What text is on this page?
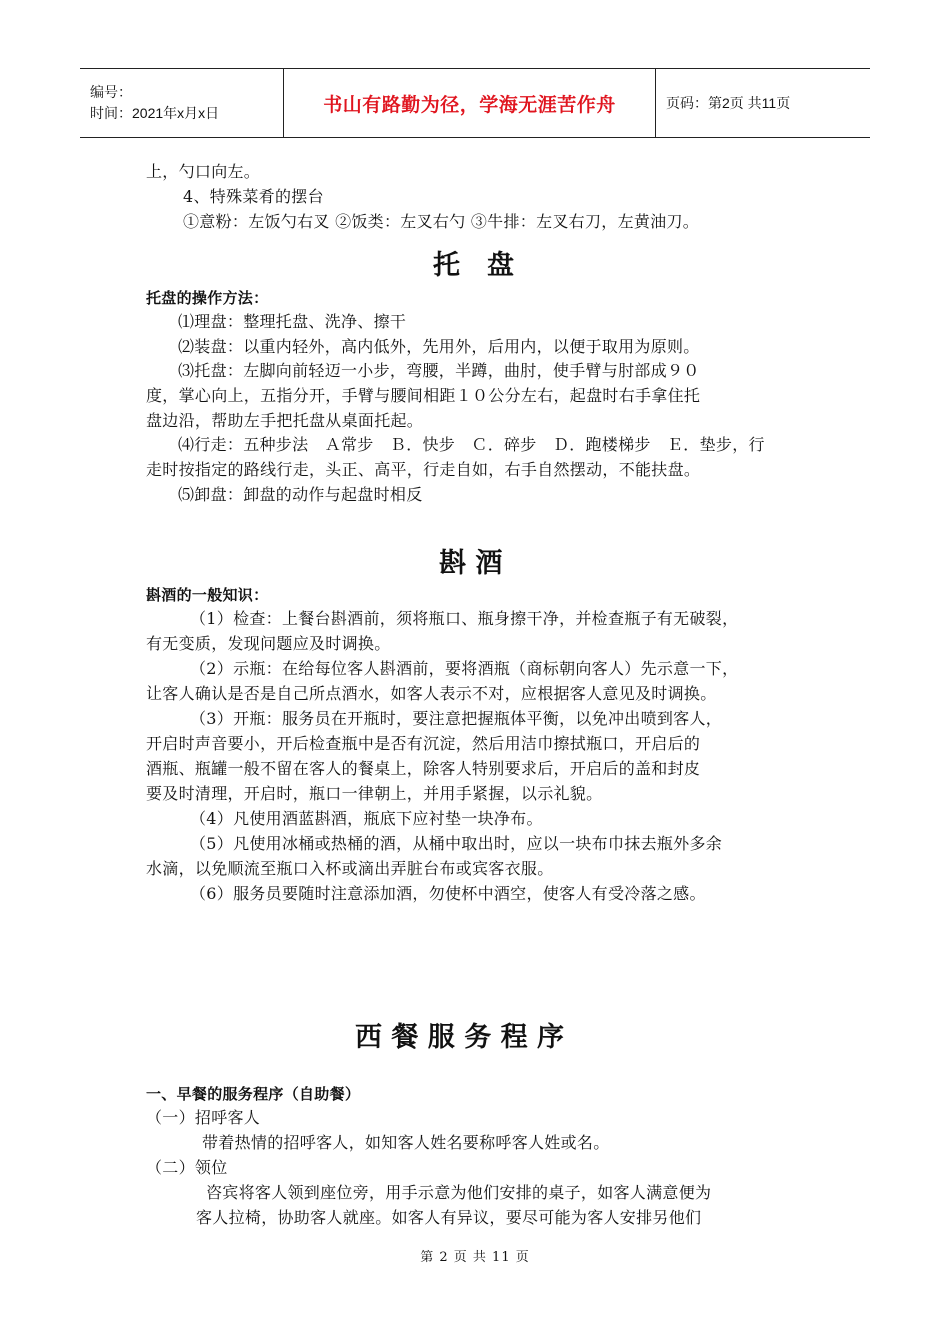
编号：
时间：2021年x月x日	书山有路勤为径，学海无涯苦作舟	页码：第2页 共11页
上，勺口向左。
4、特殊菜肴的摆台
①意粉：左饭勺右叉 ②饭类：左叉右勺 ③牛排：左叉右刀，左黄油刀。
托　盘
托盘的操作方法：
⑴理盘：整理托盘、洗净、擦干
⑵装盘：以重内轻外，高内低外，先用外，后用内，以便于取用为原则。
⑶托盘：左脚向前轻迈一小步，弯腰，半蹲，曲肘，使手臂与肘部成９０
度，掌心向上，五指分开，手臂与腰间相距１０公分左右，起盘时右手拿住托
盘边沿，帮助左手把托盘从桌面托起。
⑷行走：五种步法　Ａ常步　Ｂ．快步　Ｃ．碎步　Ｄ．跑楼梯步　Ｅ．垫步，行
走时按指定的路线行走，头正、高平，行走自如，右手自然摆动，不能扶盘。
⑸卸盘：卸盘的动作与起盘时相反
斟 酒
斟酒的一般知识：
（1）检查：上餐台斟酒前，须将瓶口、瓶身擦干净，并检查瓶子有无破裂，
有无变质，发现问题应及时调换。
（2）示瓶：在给每位客人斟酒前，要将酒瓶（商标朝向客人）先示意一下，
让客人确认是否是自己所点酒水，如客人表示不对，应根据客人意见及时调换。
（3）开瓶：服务员在开瓶时，要注意把握瓶体平衡，以免冲出喷到客人，
开启时声音要小，开后检查瓶中是否有沉淀，然后用洁巾擦拭瓶口，开启后的
酒瓶、瓶罐一般不留在客人的餐桌上，除客人特别要求后，开启后的盖和封皮
要及时清理，开启时，瓶口一律朝上，并用手紧握，以示礼貌。
（4）凡使用酒蓝斟酒，瓶底下应衬垫一块净布。
（5）凡使用冰桶或热桶的酒，从桶中取出时，应以一块布巾抹去瓶外多余
水滴，以免顺流至瓶口入杯或滴出弄脏台布或宾客衣服。
（6）服务员要随时注意添加酒，勿使杯中酒空，使客人有受冷落之感。
西 餐 服 务 程 序
一、早餐的服务程序（自助餐）
（一）招呼客人
带着热情的招呼客人，如知客人姓名要称呼客人姓或名。
（二）领位
咨宾将客人领到座位旁，用手示意为他们安排的桌子，如客人满意便为
客人拉椅，协助客人就座。如客人有异议，要尽可能为客人安排另他们
第 2 页 共 11 页
